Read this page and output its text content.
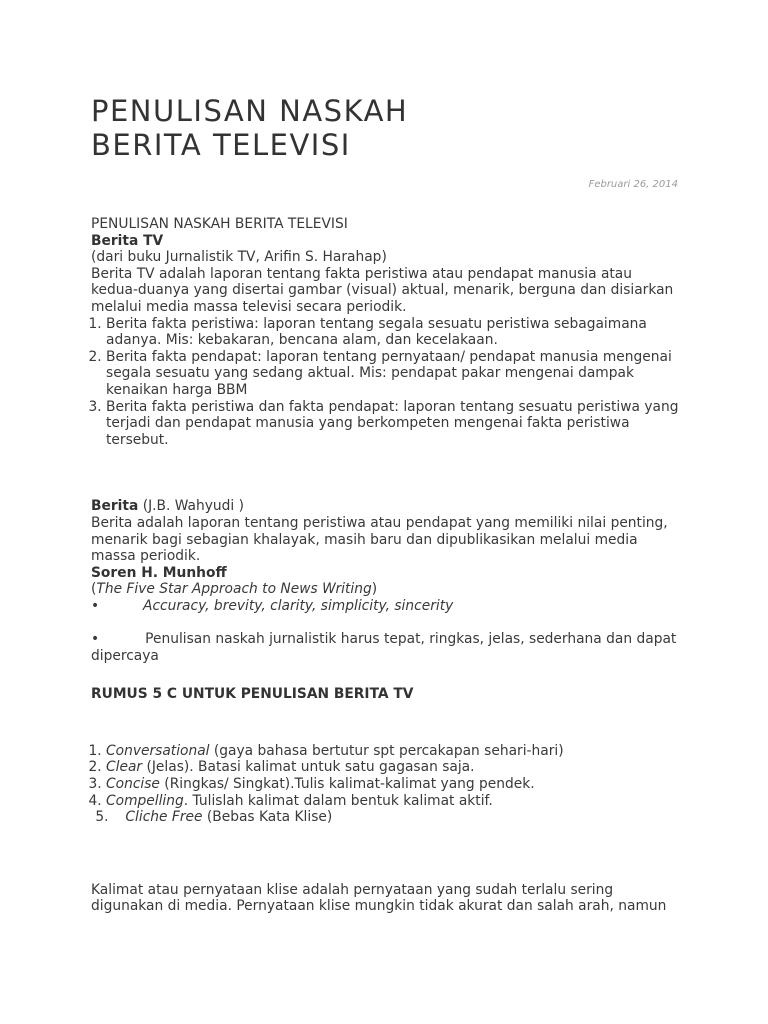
PENULISAN NASKAH
BERITA TELEVISI
Februari 26, 2014

PENULISAN NASKAH BERITA TELEVISI

Berita TV

(dari buku Jurnalistik TV, Arifin S. Harahap)

Berita TV adalah laporan tentang fakta peristiwa atau pendapat manusia atau kedua-duanya yang disertai gambar (visual) aktual, menarik, berguna dan disiarkan melalui media massa televisi secara periodik.

1. Berita fakta peristiwa: laporan tentang segala sesuatu peristiwa sebagaimana adanya. Mis: kebakaran, bencana alam, dan kecelakaan.
2. Berita fakta pendapat: laporan tentang pernyataan/ pendapat manusia mengenai segala sesuatu yang sedang aktual. Mis: pendapat pakar mengenai dampak kenaikan harga BBM
3. Berita fakta peristiwa dan fakta pendapat: laporan tentang sesuatu peristiwa yang terjadi dan pendapat manusia yang berkompeten mengenai fakta peristiwa tersebut.

Berita (J.B. Wahyudi )

Berita adalah laporan tentang peristiwa atau pendapat yang memiliki nilai penting, menarik bagi sebagian khalayak, masih baru dan dipublikasikan melalui media massa periodik.

Soren H. Munhoff

(The Five Star Approach to News Writing)

•	Accuracy, brevity, clarity, simplicity, sincerity

•	Penulisan naskah jurnalistik harus tepat, ringkas, jelas, sederhana dan dapat dipercaya

RUMUS 5 C UNTUK PENULISAN BERITA TV

1. Conversational (gaya bahasa bertutur spt percakapan sehari-hari)
2. Clear (Jelas). Batasi kalimat untuk satu gagasan saja.
3. Concise (Ringkas/ Singkat).Tulis kalimat-kalimat yang pendek.
4. Compelling. Tulislah kalimat dalam bentuk kalimat aktif.

5. Cliche Free (Bebas Kata Klise)

Kalimat atau pernyataan klise adalah pernyataan yang sudah terlalu sering digunakan di media. Pernyataan klise mungkin tidak akurat dan salah arah, namun
